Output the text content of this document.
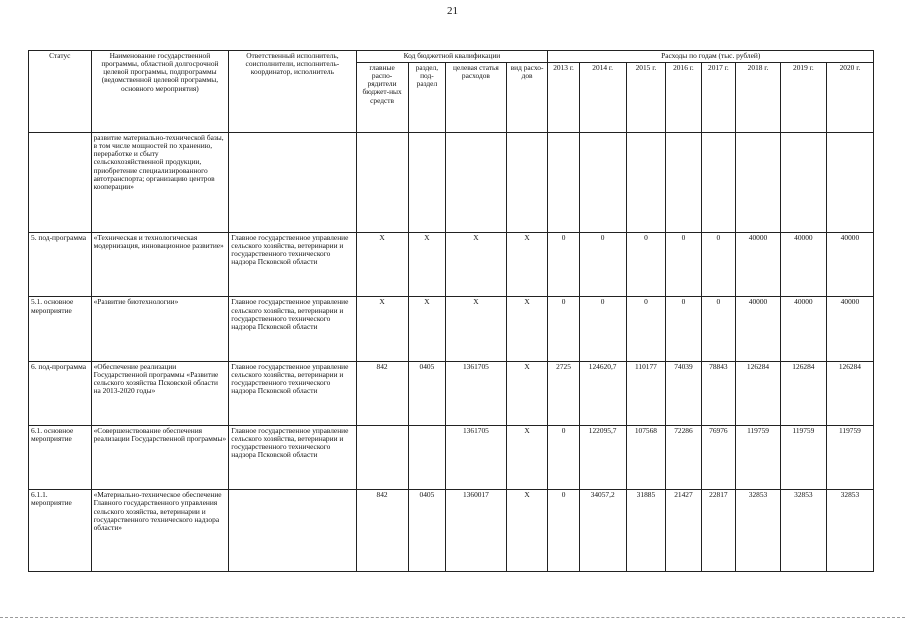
21
Статус	Наименование государственной программы, областной долгосрочной целевой программы, подпрограммы (ведомственной целевой программы, основного мероприятия)	Ответственный исполнитель, соисполнители, исполнитель-координатор, исполнитель	Код бюджетной квалификации				Расходы по годам (тыс. рублей)							
			главные распо-рядители бюджет-ных средств	раздел, под-раздел	целевая статья расходов	вид расхо-дов	2013 г.	2014 г.	2015 г.	2016 г.	2017 г.	2018 г.	2019 г.	2020 г.
	развитие материально-технической базы, в том числе мощностей по хранению, переработке и сбыту сельскохозяйственной продукции, приобретение специализированного автотранспорта; организацию центров кооперации»													
5. под-программа	«Техническая и технологическая модернизация, инновационное развитие»	Главное государственное управление сельского хозяйства, ветеринарии и государственного технического надзора Псковской области	Х	Х	Х	Х	0	0	0	0	0	40000	40000	40000
5.1. основное мероприятие	«Развитие биотехнологии»	Главное государственное управление сельского хозяйства, ветеринарии и государственного технического надзора Псковской области	Х	Х	Х	Х	0	0	0	0	0	40000	40000	40000
6. под-программа	«Обеспечение реализации Государственной программы «Развитие сельского хозяйства Псковской области на 2013-2020 годы»	Главное государственное управление сельского хозяйства, ветеринарии и государственного технического надзора Псковской области	842	0405	1361705	Х	2725	124620,7	110177	74039	78843	126284	126284	126284
6.1. основное мероприятие	«Совершенствование обеспечения реализации Государственной программы»	Главное государственное управление сельского хозяйства, ветеринарии и государственного технического надзора Псковской области			1361705	Х	0	122095,7	107568	72286	76976	119759	119759	119759
6.1.1. мероприятие	«Материально-техническое обеспечение Главного государственного управления сельского хозяйства, ветеринарии и государственного технического надзора области»		842	0405	1360017	Х	0	34057,2	31885	21427	22817	32853	32853	32853
